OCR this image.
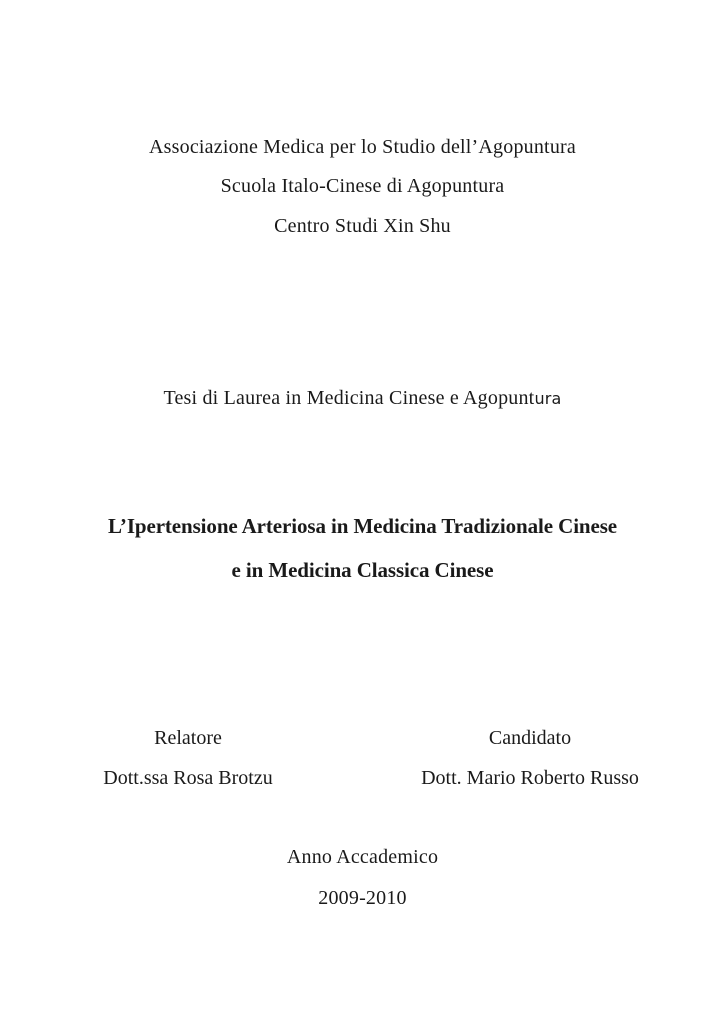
Associazione Medica per lo Studio dell’Agopuntura
Scuola Italo-Cinese di Agopuntura
Centro Studi Xin Shu
Tesi di Laurea in Medicina Cinese e Agopuntura
L’Ipertensione Arteriosa in Medicina Tradizionale Cinese
e in Medicina Classica Cinese
Relatore
Dott.ssa Rosa Brotzu
Candidato
Dott. Mario Roberto Russo
Anno Accademico
2009-2010
